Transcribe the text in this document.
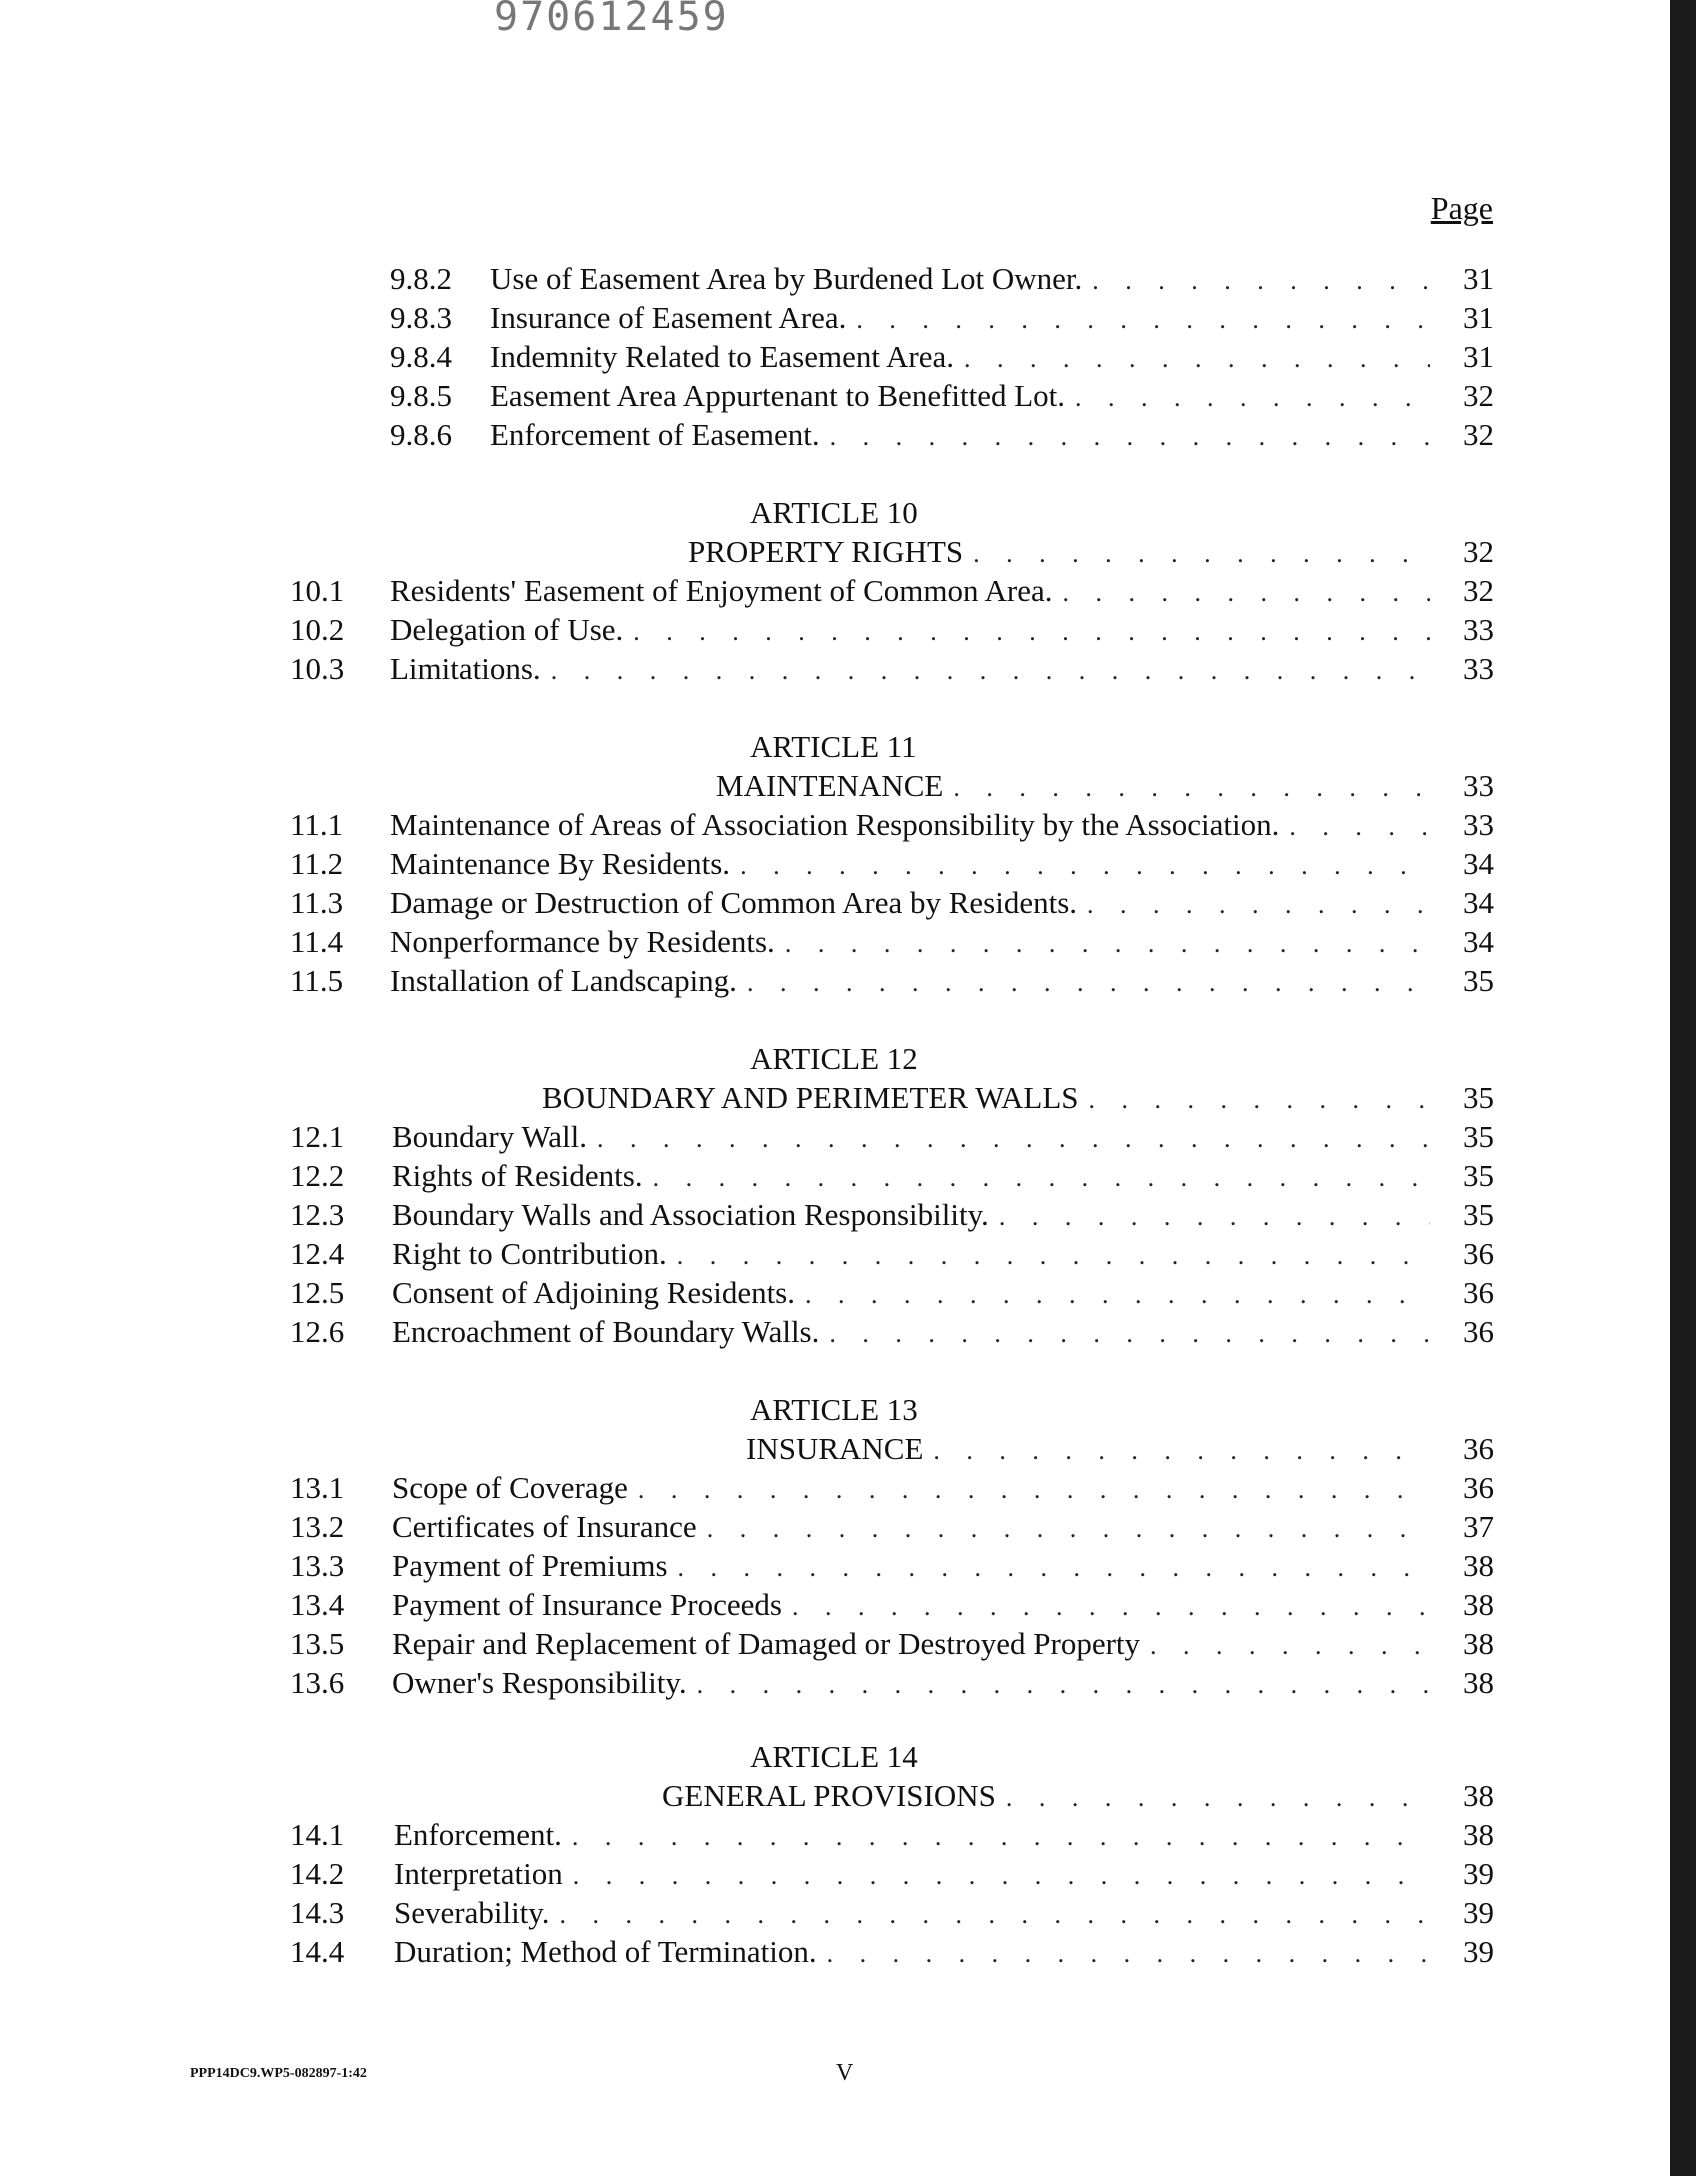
970612459
Page
9.8.2 Use of Easement Area by Burdened Lot Owner. . . .	31
9.8.3 Insurance of Easement Area. . . .	31
9.8.4 Indemnity Related to Easement Area. . . .	31
9.8.5 Easement Area Appurtenant to Benefitted Lot. . . .	32
9.8.6 Enforcement of Easement. . . .	32
ARTICLE 10
PROPERTY RIGHTS . . .	32
10.1 Residents' Easement of Enjoyment of Common Area. . . .	32
10.2 Delegation of Use. . . .	33
10.3 Limitations. . . .	33
ARTICLE 11
MAINTENANCE . . .	33
11.1 Maintenance of Areas of Association Responsibility by the Association. . . .	33
11.2 Maintenance By Residents. . . .	34
11.3 Damage or Destruction of Common Area by Residents. . . .	34
11.4 Nonperformance by Residents. . . .	34
11.5 Installation of Landscaping. . . .	35
ARTICLE 12
BOUNDARY AND PERIMETER WALLS . . .	35
12.1 Boundary Wall. . . .	35
12.2 Rights of Residents. . . .	35
12.3 Boundary Walls and Association Responsibility. . . .	35
12.4 Right to Contribution. . . .	36
12.5 Consent of Adjoining Residents. . . .	36
12.6 Encroachment of Boundary Walls. . . .	36
ARTICLE 13
INSURANCE . . .	36
13.1 Scope of Coverage . . .	36
13.2 Certificates of Insurance . . .	37
13.3 Payment of Premiums . . .	38
13.4 Payment of Insurance Proceeds . . .	38
13.5 Repair and Replacement of Damaged or Destroyed Property . . .	38
13.6 Owner's Responsibility. . . .	38
ARTICLE 14
GENERAL PROVISIONS . . .	38
14.1 Enforcement. . . .	38
14.2 Interpretation . . .	39
14.3 Severability. . . .	39
14.4 Duration; Method of Termination. . . .	39
PPP14DC9.WP5-082897-1:42	V
